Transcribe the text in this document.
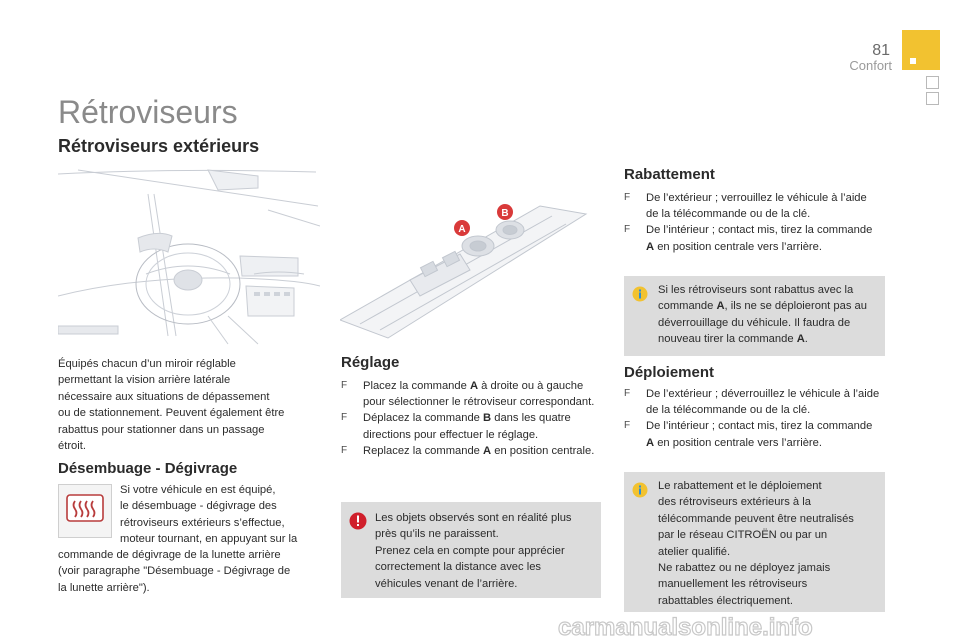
81
Confort
Rétroviseurs
Rétroviseurs extérieurs
A
B
Équipés chacun d’un miroir réglable
permettant la vision arrière latérale
nécessaire aux situations de dépassement
ou de stationnement. Peuvent également être
rabattus pour stationner dans un passage
étroit.
Désembuage - Dégivrage
Si votre véhicule en est équipé,
le désembuage - dégivrage des
rétroviseurs extérieurs s’effectue,
moteur tournant, en appuyant sur la
commande de dégivrage de la lunette arrière
(voir paragraphe "Désembuage - Dégivrage de
la lunette arrière").
Réglage
F Placez la commande A à droite ou à gauche pour sélectionner le rétroviseur correspondant.
F Déplacez la commande B dans les quatre directions pour effectuer le réglage.
F Replacez la commande A en position centrale.
Les objets observés sont en réalité plus
près qu’ils ne paraissent.
Prenez cela en compte pour apprécier
correctement la distance avec les
véhicules venant de l’arrière.
Rabattement
F De l’extérieur ; verrouillez le véhicule à l’aide de la télécommande ou de la clé.
F De l’intérieur ; contact mis, tirez la commande A en position centrale vers l’arrière.
Si les rétroviseurs sont rabattus avec la commande A, ils ne se déploieront pas au déverrouillage du véhicule. Il faudra de nouveau tirer la commande A.
Déploiement
F De l’extérieur ; déverrouillez le véhicule à l’aide de la télécommande ou de la clé.
F De l’intérieur ; contact mis, tirez la commande A en position centrale vers l’arrière.
Le rabattement et le déploiement
des rétroviseurs extérieurs à la
télécommande peuvent être neutralisés
par le réseau CITROËN ou par un
atelier qualifié.
Ne rabattez ou ne déployez jamais
manuellement les rétroviseurs
rabattables électriquement.
carmanualsonline.info
